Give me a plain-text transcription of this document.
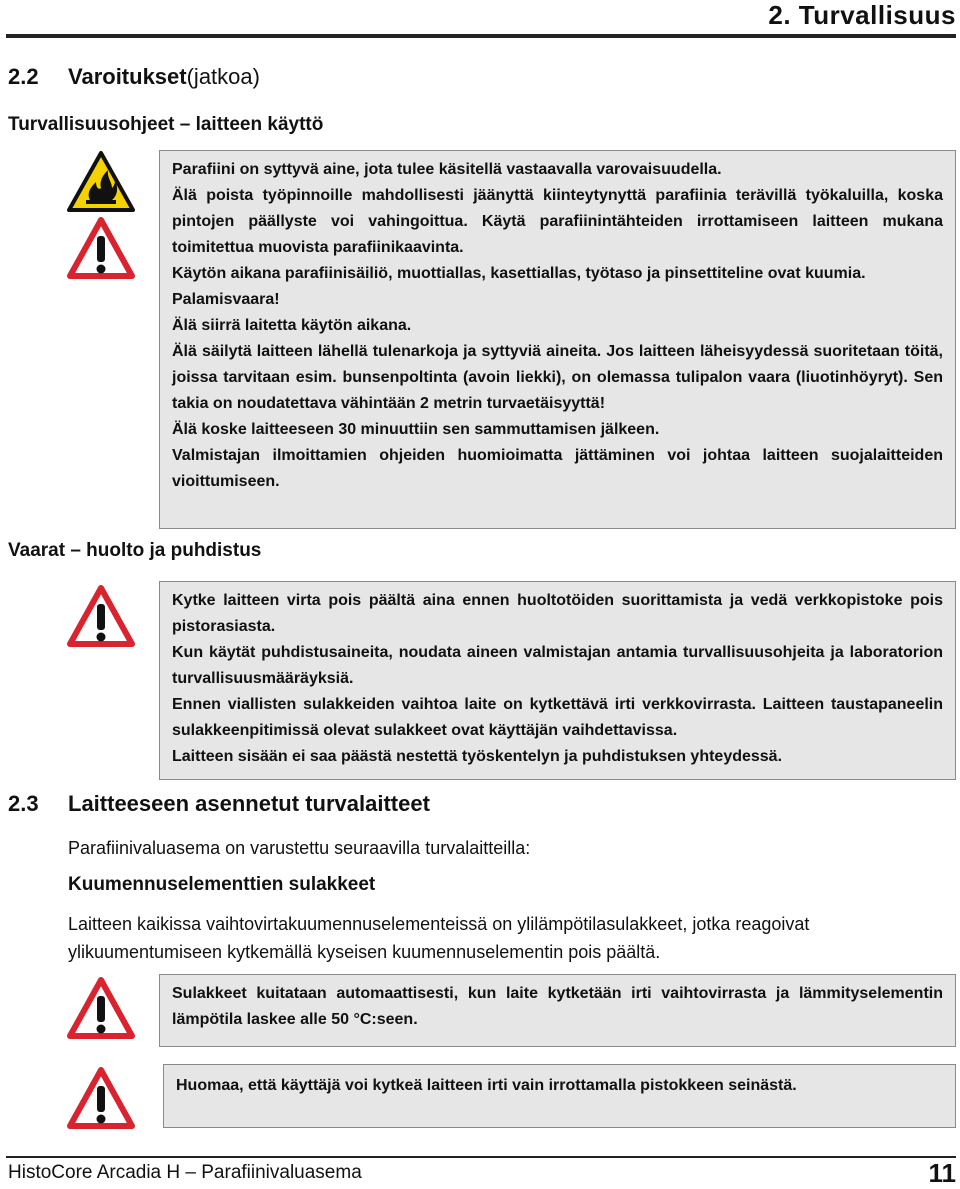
2. Turvallisuus
2.2 Varoitukset(jatkoa)
Turvallisuusohjeet – laitteen käyttö

Parafiini on syttyvä aine, jota tulee käsitellä vastaavalla varovaisuudella.

Älä poista työpinnoille mahdollisesti jäänyttä kiinteytynyttä parafiinia terävillä työkaluilla, koska pintojen päällyste voi vahingoittua. Käytä parafiinintähteiden irrottamiseen laitteen mukana toimitettua muovista parafiinikaavinta.

Käytön aikana parafiinisäiliö, muottiallas, kasettiallas, työtaso ja pinsettiteline ovat kuumia.

Palamisvaara!

Älä siirrä laitetta käytön aikana.

Älä säilytä laitteen lähellä tulenarkoja ja syttyviä aineita. Jos laitteen läheisyydessä suoritetaan töitä, joissa tarvitaan esim. bunsenpoltinta (avoin liekki), on olemassa tulipalon vaara (liuotinhöyryt). Sen takia on noudatettava vähintään 2 metrin turvaetäisyyttä!

Älä koske laitteeseen 30 minuuttiin sen sammuttamisen jälkeen.

Valmistajan ilmoittamien ohjeiden huomioimatta jättäminen voi johtaa laitteen suojalaitteiden vioittumiseen.

Vaarat – huolto ja puhdistus

Kytke laitteen virta pois päältä aina ennen huoltotöiden suorittamista ja vedä verkkopistoke pois pistorasiasta.

Kun käytät puhdistusaineita, noudata aineen valmistajan antamia turvallisuusohjeita ja laboratorion turvallisuusmääräyksiä.

Ennen viallisten sulakkeiden vaihtoa laite on kytkettävä irti verkkovirrasta. Laitteen taustapaneelin sulakkeenpitimissä olevat sulakkeet ovat käyttäjän vaihdettavissa.

Laitteen sisään ei saa päästä nestettä työskentelyn ja puhdistuksen yhteydessä.

2.3 Laitteeseen asennetut turvalaitteet
Parafiinivaluasema on varustettu seuraavilla turvalaitteilla:
Kuumennuselementtien sulakkeet
Laitteen kaikissa vaihtovirtakuumennuselementeissä on ylilämpötilasulakkeet, jotka reagoivat ylikuumentumiseen kytkemällä kyseisen kuumennuselementin pois päältä.

Sulakkeet kuitataan automaattisesti, kun laite kytketään irti vaihtovirrasta ja lämmityselementin lämpötila laskee alle 50 °C:seen.

Huomaa, että käyttäjä voi kytkeä laitteen irti vain irrottamalla pistokkeen seinästä.

HistoCore Arcadia H – Parafiinivaluasema	11
